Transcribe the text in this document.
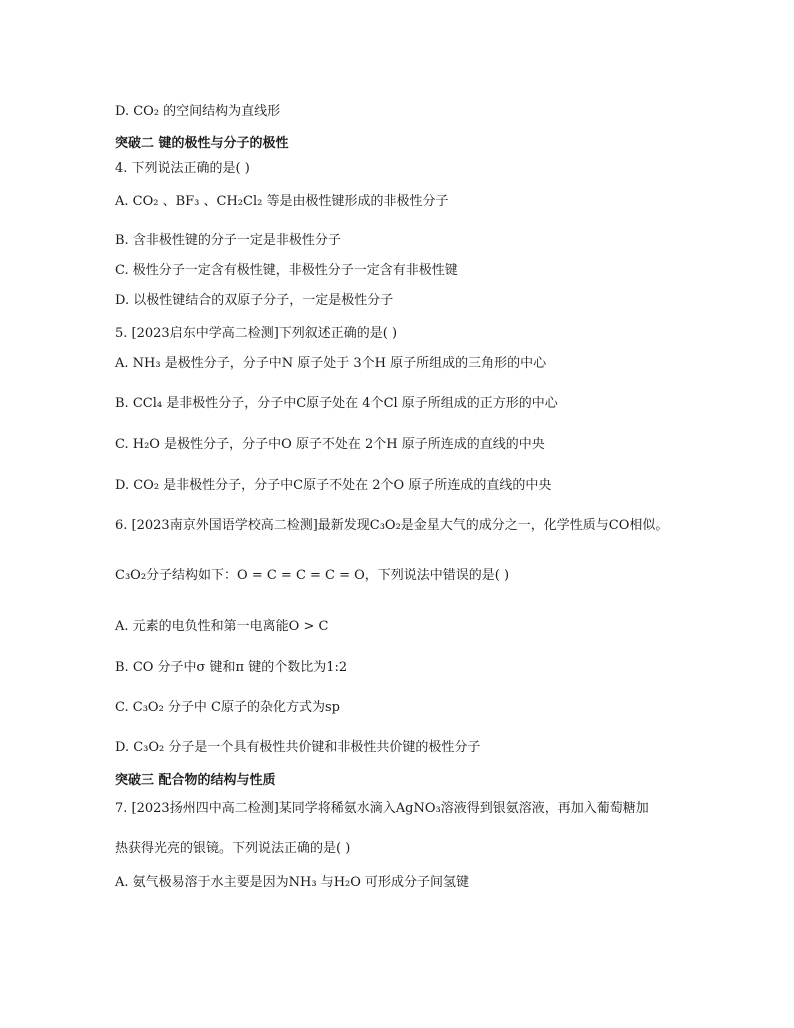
D. CO₂ 的空间结构为直线形
突破二 键的极性与分子的极性
4. 下列说法正确的是( )
A. CO₂ 、BF₃ 、CH₂Cl₂ 等是由极性键形成的非极性分子
B. 含非极性键的分子一定是非极性分子
C. 极性分子一定含有极性键，非极性分子一定含有非极性键
D. 以极性键结合的双原子分子，一定是极性分子
5. [2023启东中学高二检测]下列叙述正确的是( )
A. NH₃ 是极性分子，分子中N 原子处于 3个H 原子所组成的三角形的中心
B. CCl₄ 是非极性分子，分子中C原子处在 4个Cl 原子所组成的正方形的中心
C. H₂O 是极性分子，分子中O 原子不处在 2个H 原子所连成的直线的中央
D. CO₂ 是非极性分子，分子中C原子不处在 2个O 原子所连成的直线的中央
6. [2023南京外国语学校高二检测]最新发现C₃O₂是金星大气的成分之一，化学性质与CO相似。
C₃O₂分子结构如下：O = C = C = C = O，下列说法中错误的是( )
A. 元素的电负性和第一电离能O > C
B. CO 分子中σ 键和π 键的个数比为1:2
C. C₃O₂ 分子中 C原子的杂化方式为sp
D. C₃O₂ 分子是一个具有极性共价键和非极性共价键的极性分子
突破三 配合物的结构与性质
7. [2023扬州四中高二检测]某同学将稀氨水滴入AgNO₃溶液得到银氨溶液，再加入葡萄糖加
热获得光亮的银镜。下列说法正确的是( )
A. 氨气极易溶于水主要是因为NH₃ 与H₂O 可形成分子间氢键
